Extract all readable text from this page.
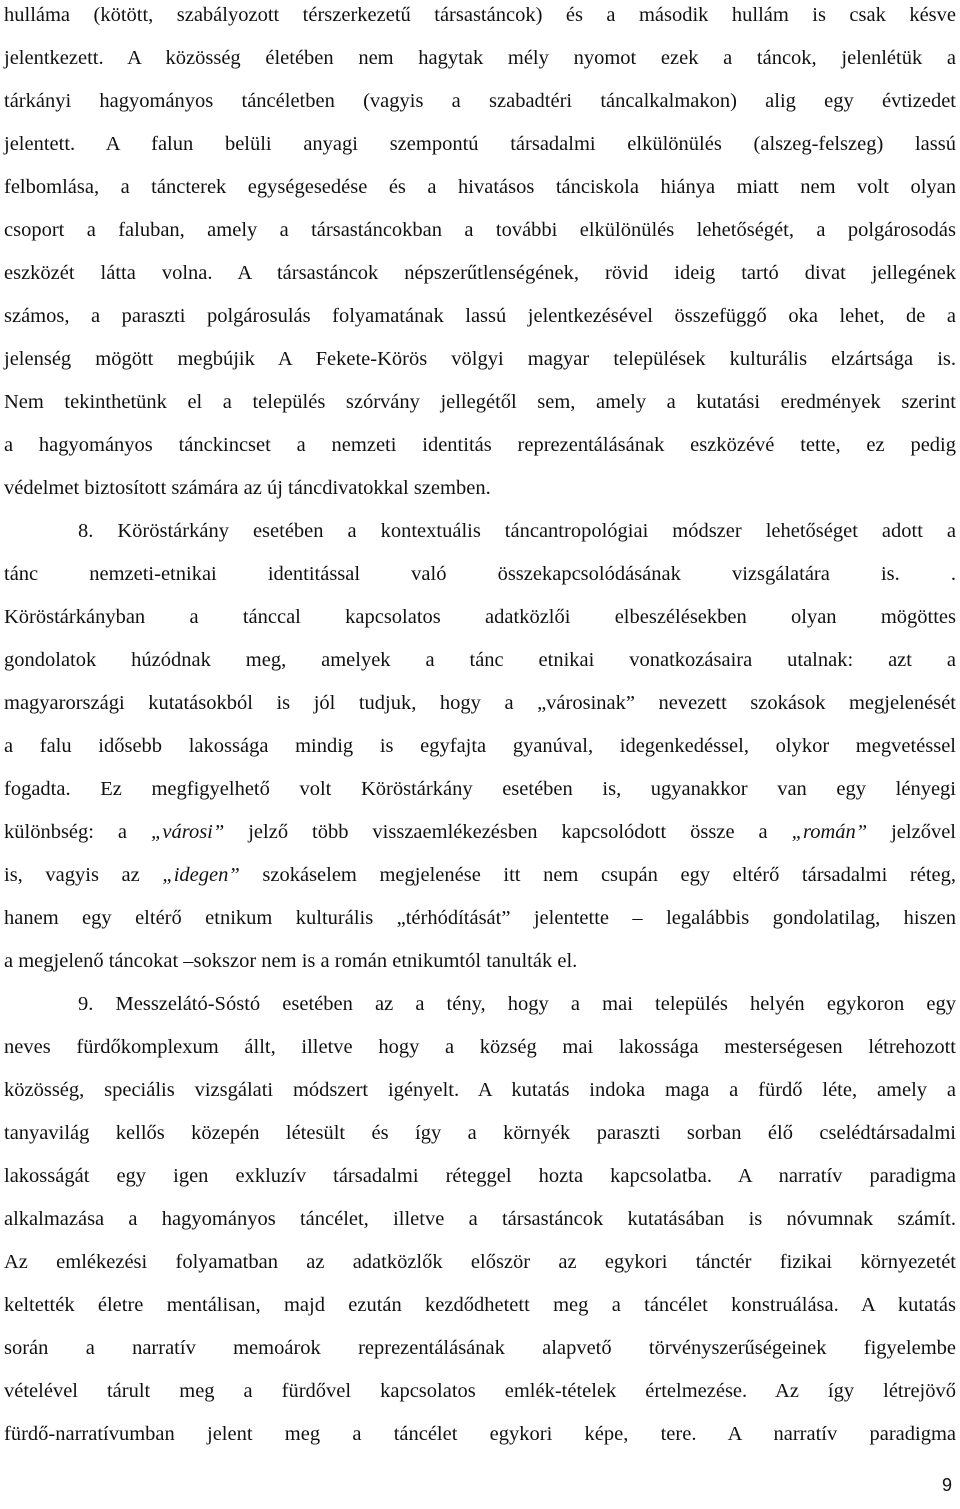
hulláma (kötött, szabályozott térszerkezetű társastáncok) és a második hullám is csak késve
jelentkezett. A közösség életében nem hagytak mély nyomot ezek a táncok, jelenlétük a
tárkányi hagyományos táncéletben (vagyis a szabadtéri táncalkalmakon) alig egy évtizedet
jelentett. A falun belüli anyagi szempontú társadalmi elkülönülés (alszeg-felszeg) lassú
felbomlása, a táncterek egységesedése és a hivatásos tánciskola hiánya miatt nem volt olyan
csoport a faluban, amely a társastáncokban a további elkülönülés lehetőségét, a polgárosodás
eszközét látta volna. A társastáncok népszerűtlenségének, rövid ideig tartó divat jellegének
számos, a paraszti polgárosulás folyamatának lassú jelentkezésével összefüggő oka lehet, de a
jelenség mögött megbújik A Fekete-Körös völgyi magyar települések kulturális elzártsága is.
Nem tekinthetünk el a település szórvány jellegétől sem, amely a kutatási eredmények szerint
a hagyományos tánckincset a nemzeti identitás reprezentálásának eszközévé tette, ez pedig
védelmet biztosított számára az új táncdivatokkal szemben.
8. Köröstárkány esetében a kontextuális táncantropológiai módszer lehetőséget adott a
tánc nemzeti-etnikai identitással való összekapcsolódásának vizsgálatára is. .
Köröstárkányban a tánccal kapcsolatos adatközlői elbeszélésekben olyan mögöttes
gondolatok húzódnak meg, amelyek a tánc etnikai vonatkozásaira utalnak: azt a
magyarországi kutatásokból is jól tudjuk, hogy a „városinak” nevezett szokások megjelenését
a falu idősebb lakossága mindig is egyfajta gyanúval, idegenkedéssel, olykor megvetéssel
fogadta. Ez megfigyelhető volt Köröstárkány esetében is, ugyanakkor van egy lényegi
különbség: a „városi” jelző több visszaemlékezésben kapcsolódott össze a „román” jelzővel
is, vagyis az „idegen” szokáselem megjelenése itt nem csupán egy eltérő társadalmi réteg,
hanem egy eltérő etnikum kulturális „térhódítását” jelentette – legalábbis gondolatilag, hiszen
a megjelenő táncokat –sokszor nem is a román etnikumtól tanulták el.
9. Messzelátó-Sóstó esetében az a tény, hogy a mai település helyén egykoron egy
neves fürdőkomplexum állt, illetve hogy a község mai lakossága mesterségesen létrehozott
közösség, speciális vizsgálati módszert igényelt. A kutatás indoka maga a fürdő léte, amely a
tanyavilág kellős közepén létesült és így a környék paraszti sorban élő cselédtársadalmi
lakosságát egy igen exkluzív társadalmi réteggel hozta kapcsolatba. A narratív paradigma
alkalmazása a hagyományos táncélet, illetve a társastáncok kutatásában is nóvumnak számít.
Az emlékezési folyamatban az adatközlők először az egykori tánctér fizikai környezetét
keltették életre mentálisan, majd ezután kezdődhetett meg a táncélet konstruálása. A kutatás
során a narratív memoárok reprezentálásának alapvető törvényszerűségeinek figyelembe
vételével tárult meg a fürdővel kapcsolatos emlék-tételek értelmezése. Az így létrejövő
fürdő-narratívumban jelent meg a táncélet egykori képe, tere. A narratív paradigma
9
